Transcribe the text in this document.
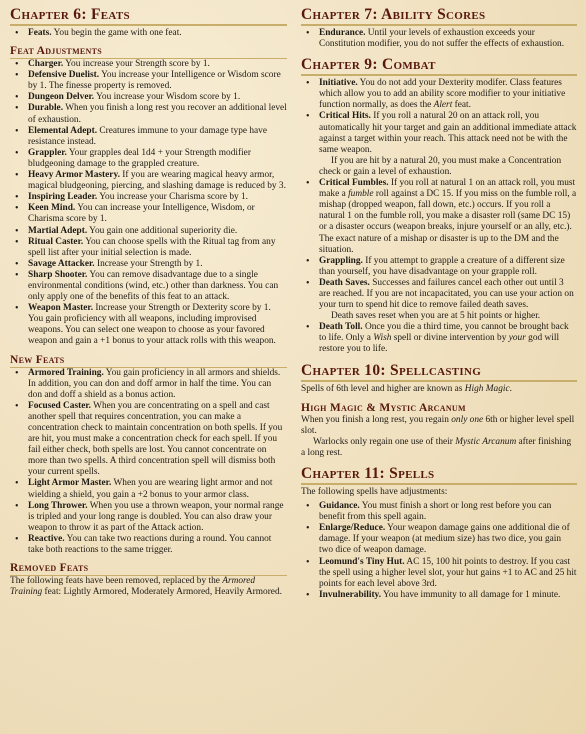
Chapter 6: Feats
• Feats. You begin the game with one feat.
Feat Adjustments
• Charger. You increase your Strength score by 1.
• Defensive Duelist. You increase your Intelligence or Wisdom score by 1. The finesse property is removed.
• Dungeon Delver. You increase your Wisdom score by 1.
• Durable. When you finish a long rest you recover an additional level of exhaustion.
• Elemental Adept. Creatures immune to your damage type have resistance instead.
• Grappler. Your grapples deal 1d4 + your Strength modifier bludgeoning damage to the grappled creature.
• Heavy Armor Mastery. If you are wearing magical heavy armor, magical bludgeoning, piercing, and slashing damage is reduced by 3.
• Inspiring Leader. You increase your Charisma score by 1.
• Keen Mind. You can increase your Intelligence, Wisdom, or Charisma score by 1.
• Martial Adept. You gain one additional superiority die.
• Ritual Caster. You can choose spells with the Ritual tag from any spell list after your initial selection is made.
• Savage Attacker. Increase your Strength by 1.
• Sharp Shooter. You can remove disadvantage due to a single environmental conditions (wind, etc.) other than darkness. You can only apply one of the benefits of this feat to an attack.
• Weapon Master. Increase your Strength or Dexterity score by 1. You gain proficiency with all weapons, including improvised weapons. You can select one weapon to choose as your favored weapon and gain a +1 bonus to your attack rolls with this weapon.
New Feats
• Armored Training. You gain proficiency in all armors and shields. In addition, you can don and doff armor in half the time. You can don and doff a shield as a bonus action.
• Focused Caster. When you are concentrating on a spell and cast another spell that requires concentration, you can make a concentration check to maintain concentration on both spells. If you are hit, you must make a concentration check for each spell. If you fail either check, both spells are lost. You cannot concentrate on more than two spells. A third concentration spell will dismiss both your current spells.
• Light Armor Master. When you are wearing light armor and not wielding a shield, you gain a +2 bonus to your armor class.
• Long Thrower. When you use a thrown weapon, your normal range is tripled and your long range is doubled. You can also draw your weapon to throw it as part of the Attack action.
• Reactive. You can take two reactions during a round. You cannot take both reactions to the same trigger.
Removed Feats

The following feats have been removed, replaced by the Armored Training feat: Lightly Armored, Moderately Armored, Heavily Armored.

Chapter 7: Ability Scores
• Endurance. Until your levels of exhaustion exceeds your Constitution modifier, you do not suffer the effects of exhaustion.
Chapter 9: Combat
• Initiative. You do not add your Dexterity modifer. Class features which allow you to add an ability score modifier to your initiative function normally, as does the Alert feat.
• Critical Hits. If you roll a natural 20 on an attack roll, you automatically hit your target and gain an additional immediate attack against a target within your reach. This attack need not be with the same weapon.

If you are hit by a natural 20, you must make a Concentration check or gain a level of exhaustion.

• Critical Fumbles. If you roll at natural 1 on an attack roll, you must make a fumble roll against a DC 15. If you miss on the fumble roll, a mishap (dropped weapon, fall down, etc.) occurs. If you roll a natural 1 on the fumble roll, you make a disaster roll (same DC 15) or a disaster occurs (weapon breaks, injure yourself or an ally, etc.). The exact nature of a mishap or disaster is up to the DM and the situation.
• Grappling. If you attempt to grapple a creature of a different size than yourself, you have disadvantage on your grapple roll.
• Death Saves. Successes and failures cancel each other out until 3 are reached. If you are not incapacitated, you can use your action on your turn to spend hit dice to remove failed death saves.

Death saves reset when you are at 5 hit points or higher.

• Death Toll. Once you die a third time, you cannot be brought back to life. Only a Wish spell or divine intervention by your god will restore you to life.
Chapter 10: Spellcasting

Spells of 6th level and higher are known as High Magic.

High Magic & Mystic Arcanum

When you finish a long rest, you regain only one 6th or higher level spell slot.

Warlocks only regain one use of their Mystic Arcanum after finishing a long rest.

Chapter 11: Spells

The following spells have adjustments:

• Guidance. You must finish a short or long rest before you can benefit from this spell again.
• Enlarge/Reduce. Your weapon damage gains one additional die of damage. If your weapon (at medium size) has two dice, you gain two dice of weapon damage.
• Leomund's Tiny Hut. AC 15, 100 hit points to destroy. If you cast the spell using a higher level slot, your hut gains +1 to AC and 25 hit points for each level above 3rd.
• Invulnerability. You have immunity to all damage for 1 minute.
